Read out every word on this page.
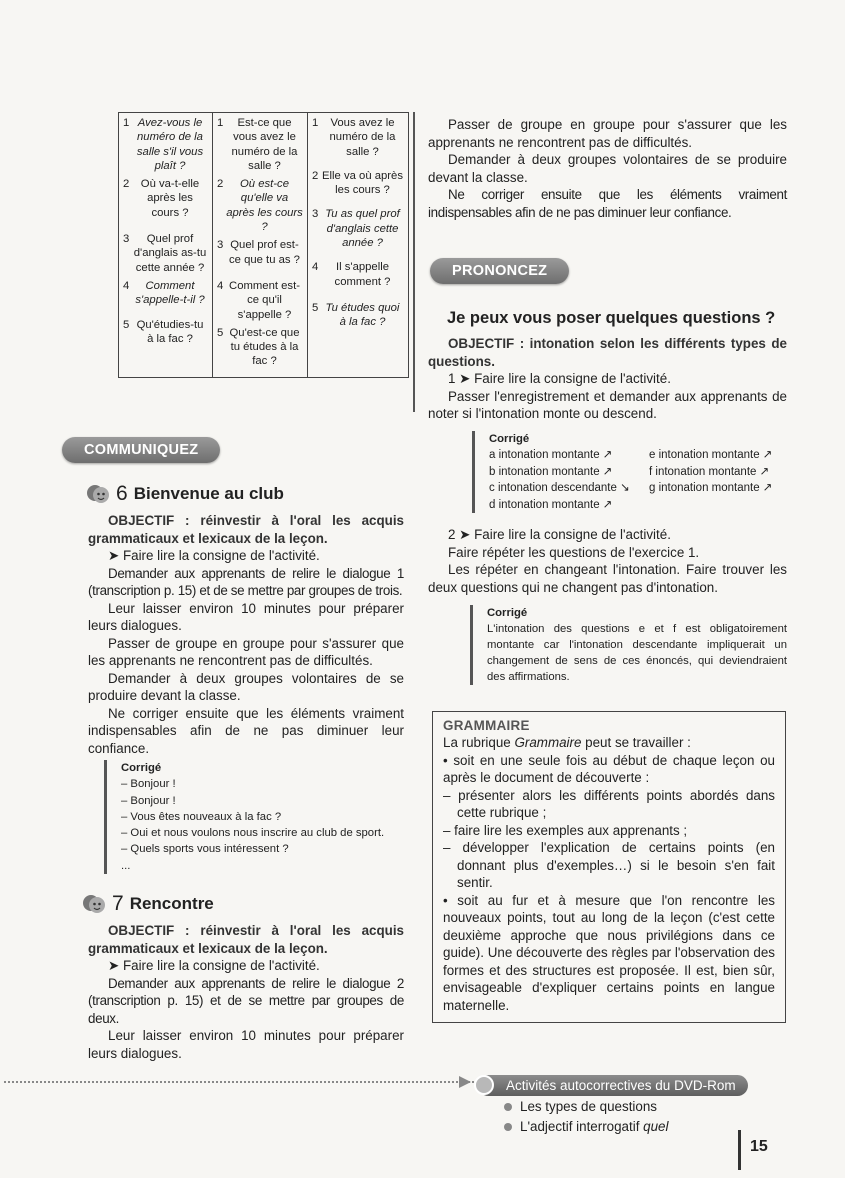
1 Avez-vous le numéro de la salle s'il vous plaît ?
2	Où va-t-elle après les cours ?
3	Quel prof d'anglais as-tu cette année ?
4	Comment s'appelle-t-il ?
5 Qu'étudies-tu à la fac ?

1	Est-ce que vous avez le numéro de la salle ?
2	Où est-ce qu'elle va après les cours ?
3 Quel prof est-ce que tu as ?
4 Comment est-ce qu'il s'appelle ?
5 Qu'est-ce que tu études à la fac ?

1	Vous avez le numéro de la salle ?
2 Elle va où après les cours ?
3 Tu as quel prof d'anglais cette année ?
4	Il s'appelle comment ?
5 Tu études quoi à la fac ?
COMMUNIQUEZ
6 Bienvenue au club

OBJECTIF : réinvestir à l'oral les acquis grammaticaux et lexicaux de la leçon.

➤ Faire lire la consigne de l'activité.

Demander aux apprenants de relire le dialogue 1 (transcription p. 15) et de se mettre par groupes de trois.

Leur laisser environ 10 minutes pour préparer leurs dialogues.

Passer de groupe en groupe pour s'assurer que les apprenants ne rencontrent pas de difficultés.

Demander à deux groupes volontaires de se produire devant la classe.

Ne corriger ensuite que les éléments vraiment indispensables afin de ne pas diminuer leur confiance.

Corrigé
– Bonjour !
– Bonjour !
– Vous êtes nouveaux à la fac ?
– Oui et nous voulons nous inscrire au club de sport.
– Quels sports vous intéressent ?
...
7 Rencontre

OBJECTIF : réinvestir à l'oral les acquis grammaticaux et lexicaux de la leçon.

➤ Faire lire la consigne de l'activité.

Demander aux apprenants de relire le dialogue 2 (transcription p. 15) et de se mettre par groupes de deux.

Leur laisser environ 10 minutes pour préparer leurs dialogues.

Passer de groupe en groupe pour s'assurer que les apprenants ne rencontrent pas de difficultés.

Demander à deux groupes volontaires de se produire devant la classe.

Ne corriger ensuite que les éléments vraiment indispensables afin de ne pas diminuer leur confiance.

PRONONCEZ
Je peux vous poser quelques questions ?

OBJECTIF : intonation selon les différents types de questions.

1 ➤ Faire lire la consigne de l'activité.

Passer l'enregistrement et demander aux apprenants de noter si l'intonation monte ou descend.

Corrigé
a intonation montante ↗	e intonation montante ↗
b intonation montante ↗	f intonation montante ↗
c intonation descendante ↘	g intonation montante ↗
d intonation montante ↗

2 ➤ Faire lire la consigne de l'activité.

Faire répéter les questions de l'exercice 1.

Les répéter en changeant l'intonation. Faire trouver les deux questions qui ne changent pas d'intonation.

Corrigé
L'intonation des questions e et f est obligatoirement montante car l'intonation descendante impliquerait un changement de sens de ces énoncés, qui deviendraient des affirmations.
GRAMMAIRE

La rubrique Grammaire peut se travailler :

• soit en une seule fois au début de chaque leçon ou après le document de découverte :

– présenter alors les différents points abordés dans cette rubrique ;

– faire lire les exemples aux apprenants ;

– développer l'explication de certains points (en donnant plus d'exemples…) si le besoin s'en fait sentir.

• soit au fur et à mesure que l'on rencontre les nouveaux points, tout au long de la leçon (c'est cette deuxième approche que nous privilégions dans ce guide). Une découverte des règles par l'observation des formes et des structures est proposée. Il est, bien sûr, envisageable d'expliquer certains points en langue maternelle.

Activités autocorrectives du DVD-Rom
Les types de questions
L'adjectif interrogatif quel
15
